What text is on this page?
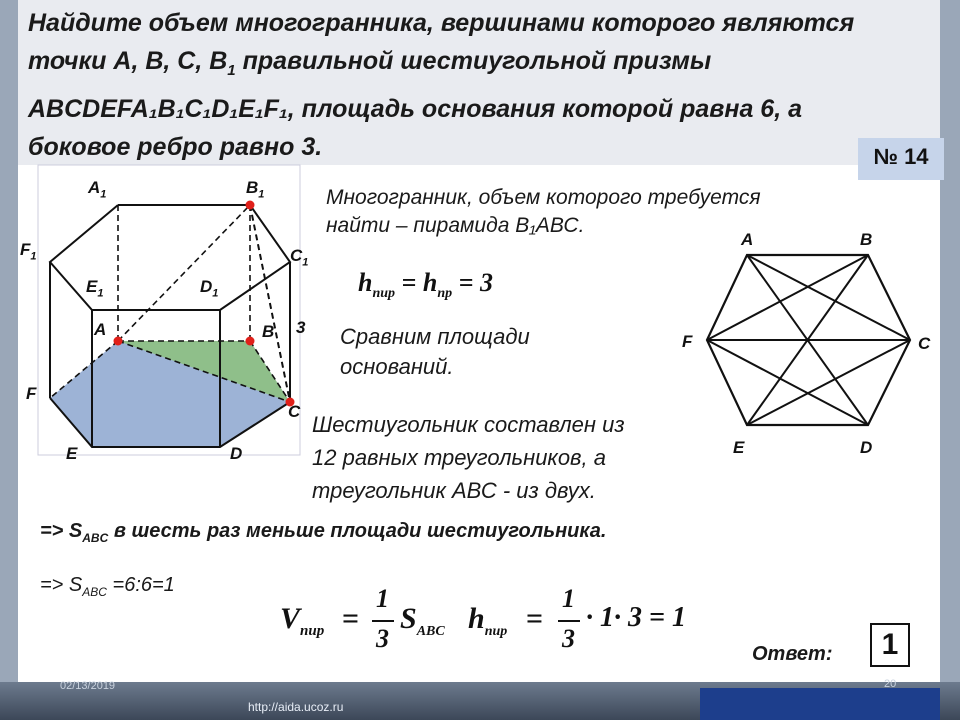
Найдите объем многогранника, вершинами которого являются
точки А, В, С, $В_1$ правильной шестиугольной призмы
ABCDEFA₁B₁C₁D₁E₁F₁, площадь основания которой равна 6, а
боковое ребро равно 3.	№ 14
$A_1$	$B_1$
$F_1$	$C_1$
$E_1$	$D_1$
A	B 3
F
C
E	D
Многогранник, объем которого требуется
найти – пирамида В₁АВС.
$h_{пир} = h_{пр} = 3$
Сравним площади
оснований.
Шестиугольник составлен из
12 равных треугольников, а
треугольник АВС - из двух.
=> $S_{ABC}$ в шесть раз меньше площади шестиугольника.
=> $S_{ABC}$ =6:6=1
A	B
F	C
E	D
$V_{пир}$ =
1
3
$S_{ABC}$ $h_{пир}$ =
1
3
· 1· 3 = 1
Ответ:	1
02/13/2019
http://aida.ucoz.ru
20
